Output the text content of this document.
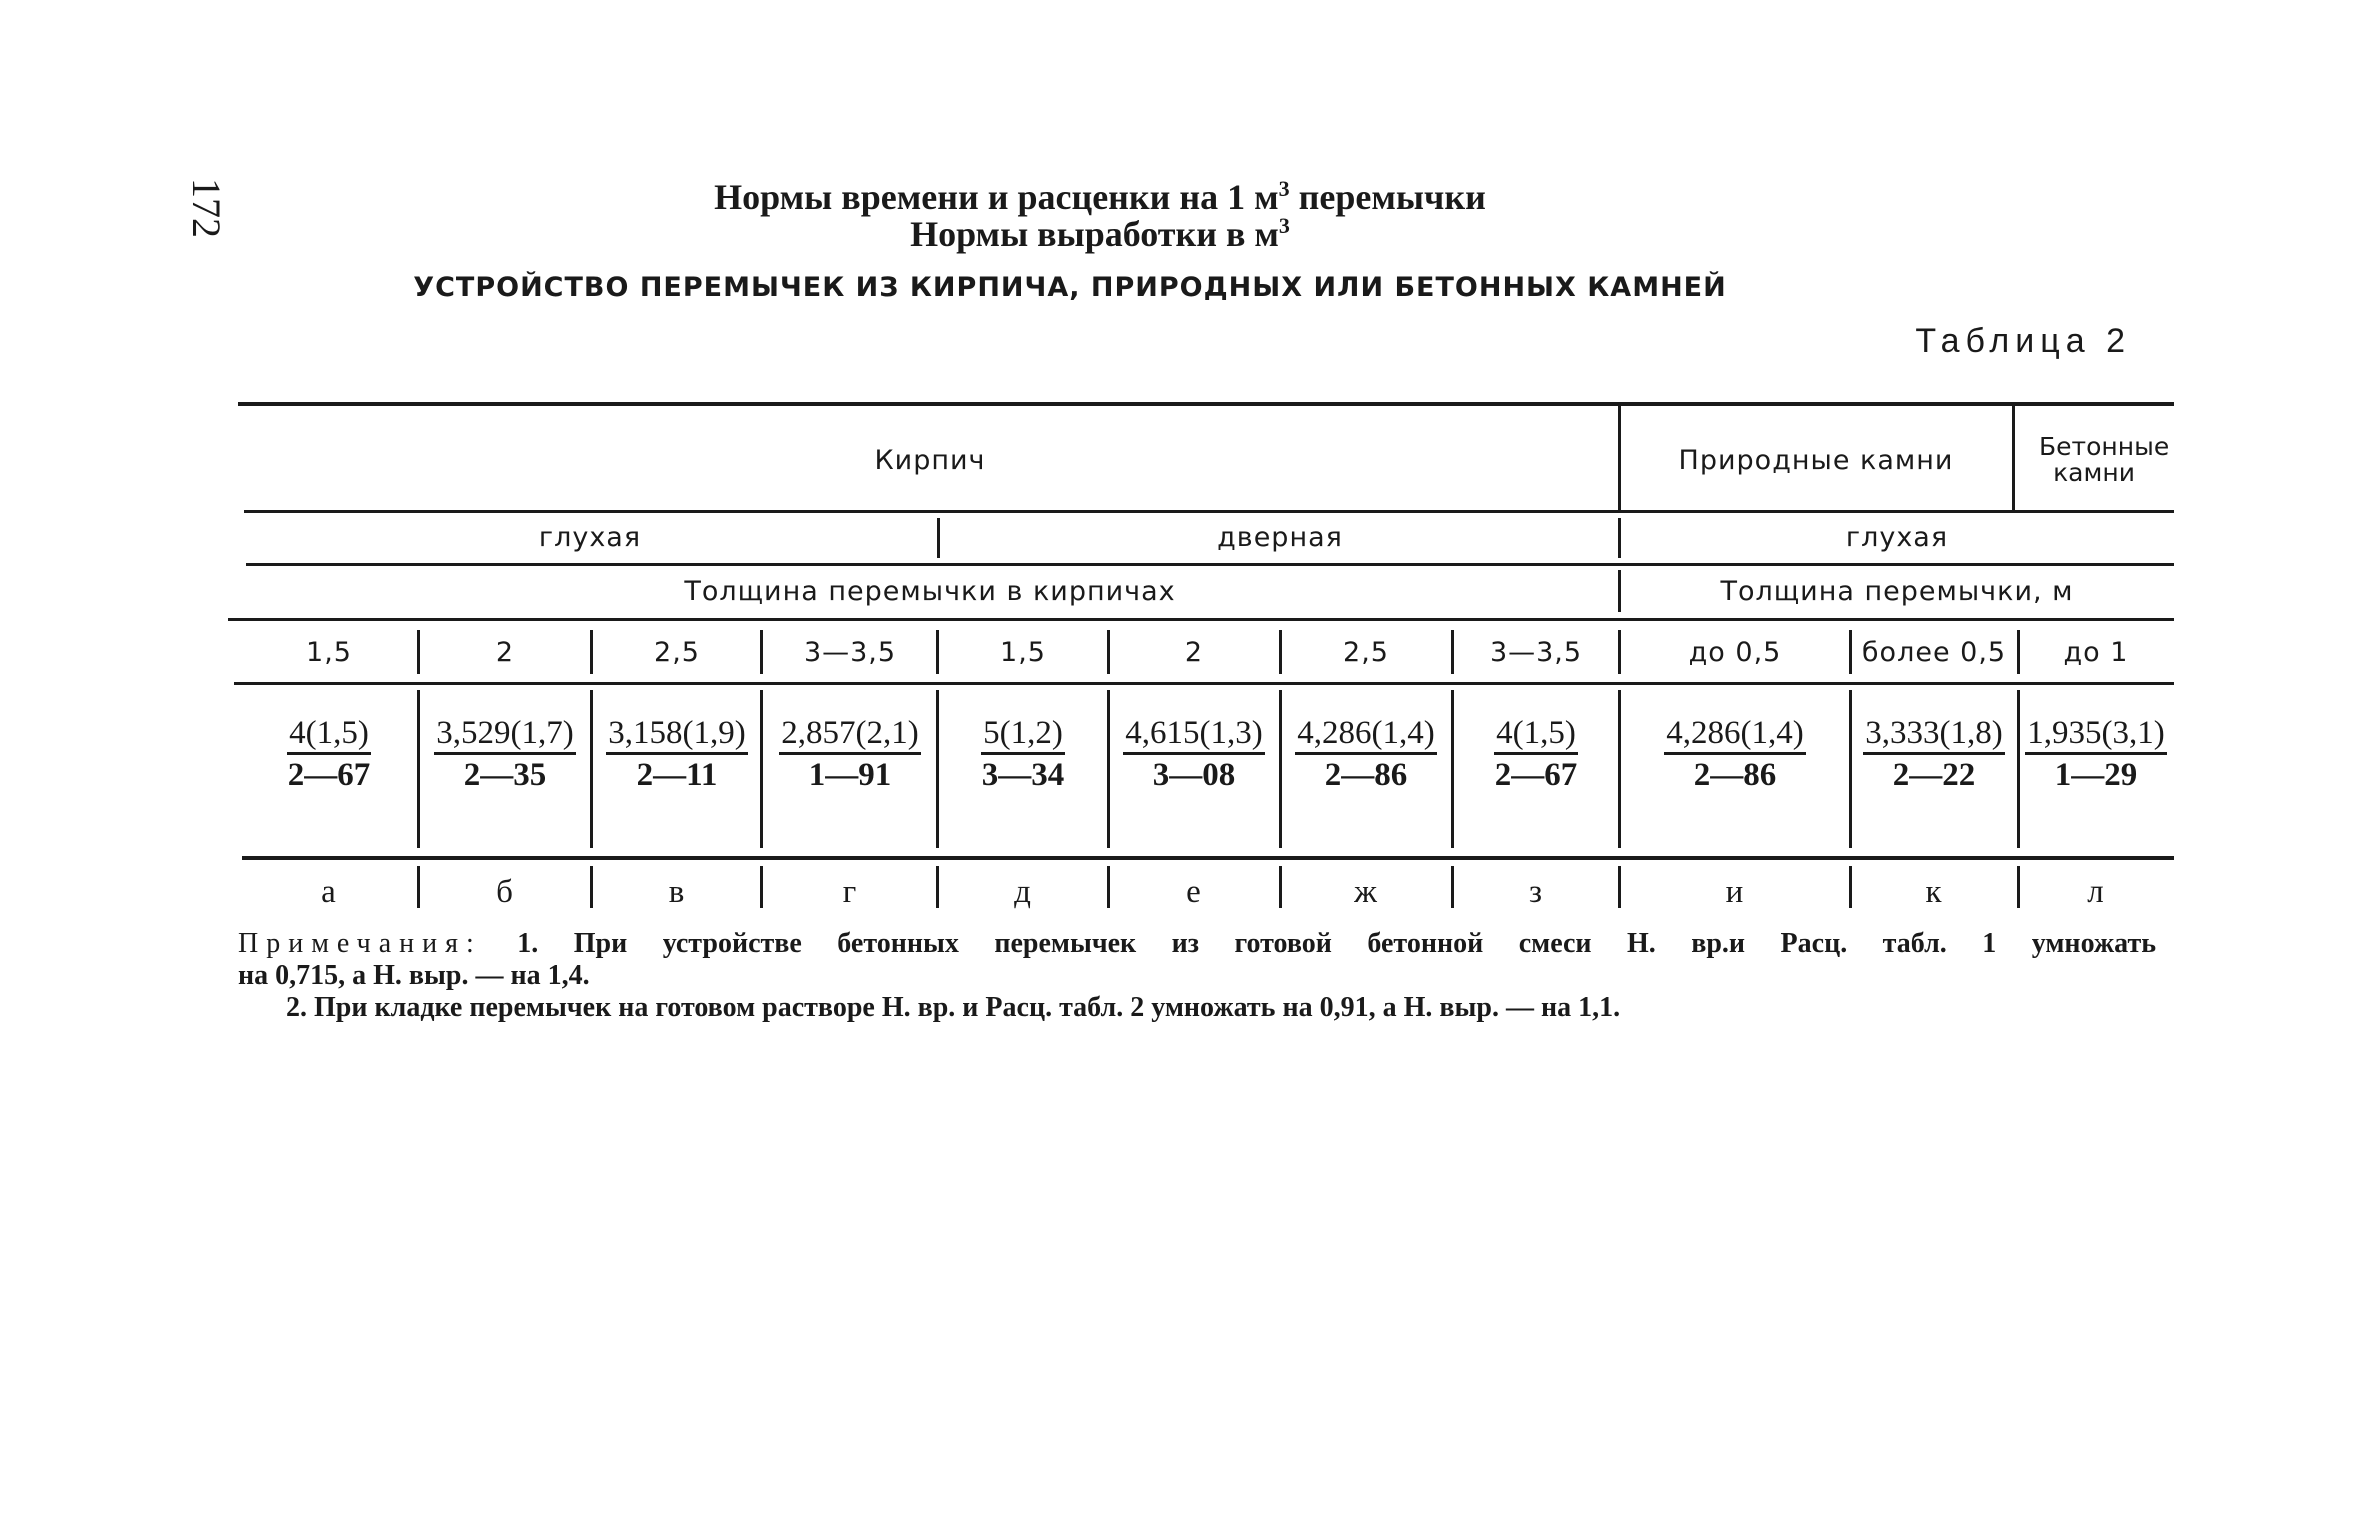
172	Нормы времени и расценки на 1 $м^3$ перемычки
Нормы выработки в $м^3$
УСТРОЙСТВО ПЕРЕМЫЧЕК ИЗ КИРПИЧА, ПРИРОДНЫХ ИЛИ БЕТОННЫХ КАМНЕЙ
Таблица 2
Кирпич	Природные камни	Бетонные камни
глухая	дверная	глухая
Толщина перемычки в кирпичах	Толщина перемычки, м
1,5	2	2,5	3—3,5	1,5	2	2,5	3—3,5	до 0,5	более 0,5	до 1
$\frac{4(1,5)}{2—67} \frac{3,529(1,7)}{2—35} \frac{3,158(1,9)}{2—11} \frac{2,857(2,1)}{1—91} \frac{5(1,2)}{3—34} \frac{4,615(1,3)}{3—08} \frac{4,286(1,4)}{2—86} \frac{4(1,5)}{2—67} \frac{4,286(1,4)}{2—86} \frac{3,333(1,8)}{2—22} \frac{1,935(3,1)}{1—29}$
а	б	в	г	д	е	ж	з	и	к	л
Примечания: 1. При устройстве бетонных перемычек из готовой бетонной смеси Н. вр.и Расц. табл. 1 умножать
на 0,715, а Н. выр. — на 1,4.
2. При кладке перемычек на готовом растворе Н. вр. и Расц. табл. 2 умножать на 0,91, а Н. выр. — на 1,1.
